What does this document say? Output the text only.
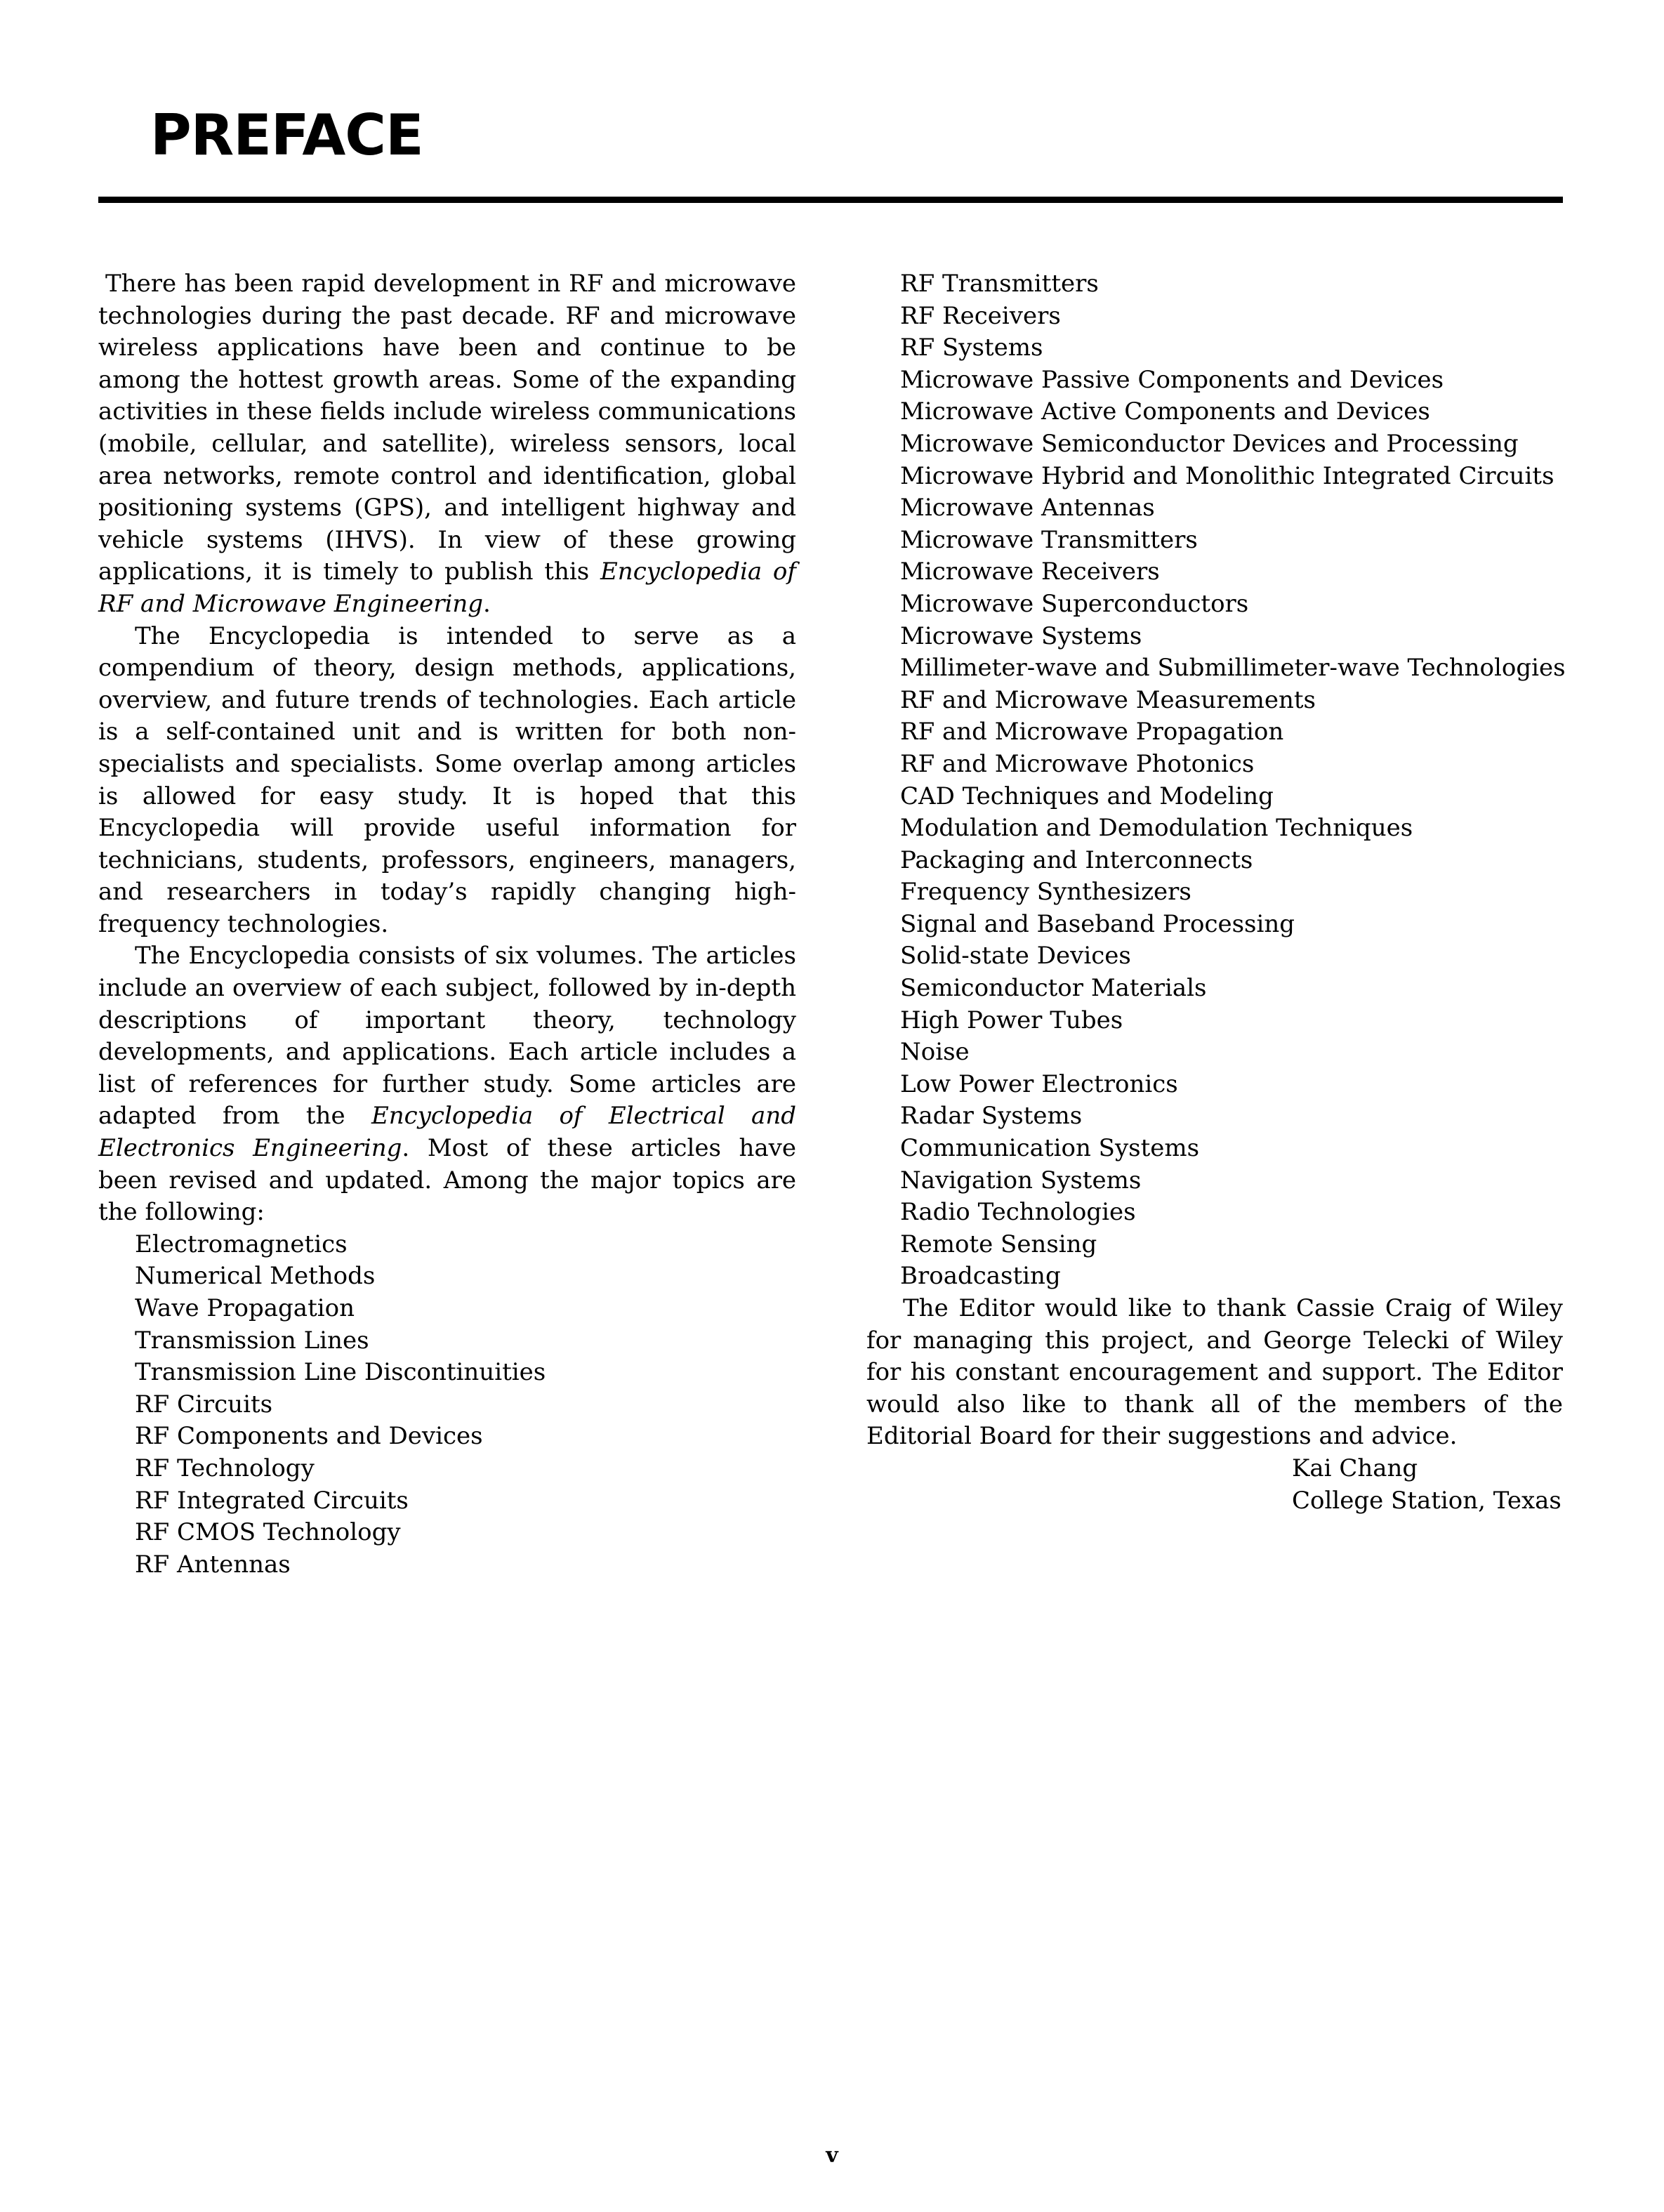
PREFACE

There has been rapid development in RF and microwave technologies during the past decade. RF and microwave wireless applications have been and continue to be among the hottest growth areas. Some of the expanding activities in these fields include wireless communications (mobile, cellular, and satellite), wireless sensors, local area networks, remote control and identification, global positioning systems (GPS), and intelligent highway and vehicle systems (IHVS). In view of these growing applications, it is timely to publish this Encyclopedia of RF and Microwave Engineering.

The Encyclopedia is intended to serve as a compendium of theory, design methods, applications, overview, and future trends of technologies. Each article is a self-contained unit and is written for both non-specialists and specialists. Some overlap among articles is allowed for easy study. It is hoped that this Encyclopedia will provide useful information for technicians, students, professors, engineers, managers, and researchers in today’s rapidly changing high-frequency technologies.

The Encyclopedia consists of six volumes. The articles include an overview of each subject, followed by in-depth descriptions of important theory, technology developments, and applications. Each article includes a list of references for further study. Some articles are adapted from the Encyclopedia of Electrical and Electronics Engineering. Most of these articles have been revised and updated. Among the major topics are the following:

Electromagnetics
Numerical Methods
Wave Propagation
Transmission Lines
Transmission Line Discontinuities
RF Circuits
RF Components and Devices
RF Technology
RF Integrated Circuits
RF CMOS Technology
RF Antennas
RF Transmitters
RF Receivers
RF Systems
Microwave Passive Components and Devices
Microwave Active Components and Devices
Microwave Semiconductor Devices and Processing
Microwave Hybrid and Monolithic Integrated Circuits
Microwave Antennas
Microwave Transmitters
Microwave Receivers
Microwave Superconductors
Microwave Systems
Millimeter-wave and Submillimeter-wave Technologies
RF and Microwave Measurements
RF and Microwave Propagation
RF and Microwave Photonics
CAD Techniques and Modeling
Modulation and Demodulation Techniques
Packaging and Interconnects
Frequency Synthesizers
Signal and Baseband Processing
Solid-state Devices
Semiconductor Materials
High Power Tubes
Noise
Low Power Electronics
Radar Systems
Communication Systems
Navigation Systems
Radio Technologies
Remote Sensing
Broadcasting

The Editor would like to thank Cassie Craig of Wiley for managing this project, and George Telecki of Wiley for his constant encouragement and support. The Editor would also like to thank all of the members of the Editorial Board for their suggestions and advice.

Kai Chang
College Station, Texas
v
